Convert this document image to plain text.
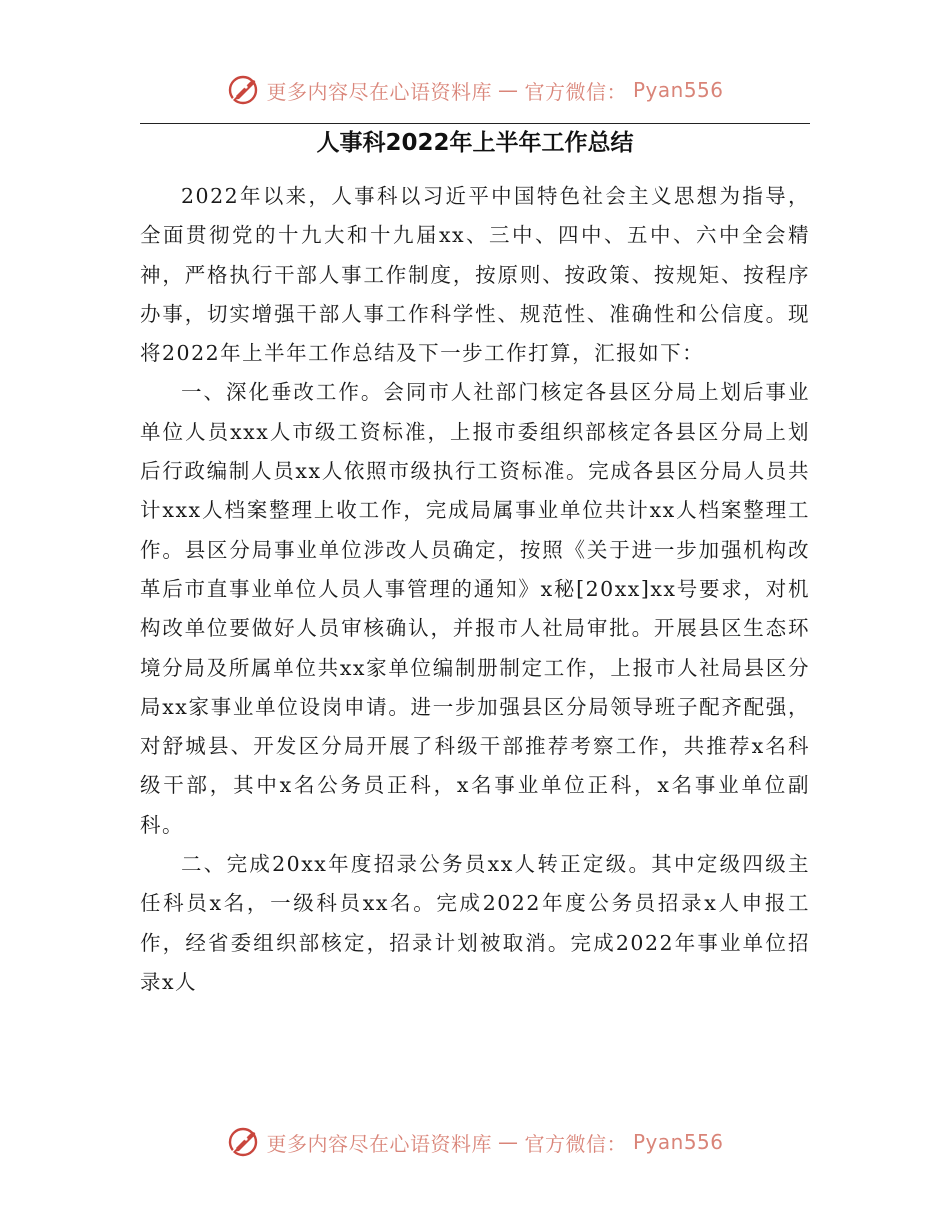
更多内容尽在心语资料库 — 官方微信： Pyan556
人事科2022年上半年工作总结

2022年以来，人事科以习近平中国特色社会主义思想为指导，全面贯彻党的十九大和十九届xx、三中、四中、五中、六中全会精神，严格执行干部人事工作制度，按原则、按政策、按规矩、按程序办事，切实增强干部人事工作科学性、规范性、准确性和公信度。现将2022年上半年工作总结及下一步工作打算，汇报如下：

一、深化垂改工作。会同市人社部门核定各县区分局上划后事业单位人员xxx人市级工资标准，上报市委组织部核定各县区分局上划后行政编制人员xx人依照市级执行工资标准。完成各县区分局人员共计xxx人档案整理上收工作，完成局属事业单位共计xx人档案整理工作。县区分局事业单位涉改人员确定，按照《关于进一步加强机构改革后市直事业单位人员人事管理的通知》x秘[20xx]xx号要求，对机构改单位要做好人员审核确认，并报市人社局审批。开展县区生态环境分局及所属单位共xx家单位编制册制定工作，上报市人社局县区分局xx家事业单位设岗申请。进一步加强县区分局领导班子配齐配强，对舒城县、开发区分局开展了科级干部推荐考察工作，共推荐x名科级干部，其中x名公务员正科，x名事业单位正科，x名事业单位副科。

二、完成20xx年度招录公务员xx人转正定级。其中定级四级主任科员x名，一级科员xx名。完成2022年度公务员招录x人申报工作，经省委组织部核定，招录计划被取消。完成2022年事业单位招录x人

更多内容尽在心语资料库 — 官方微信： Pyan556
